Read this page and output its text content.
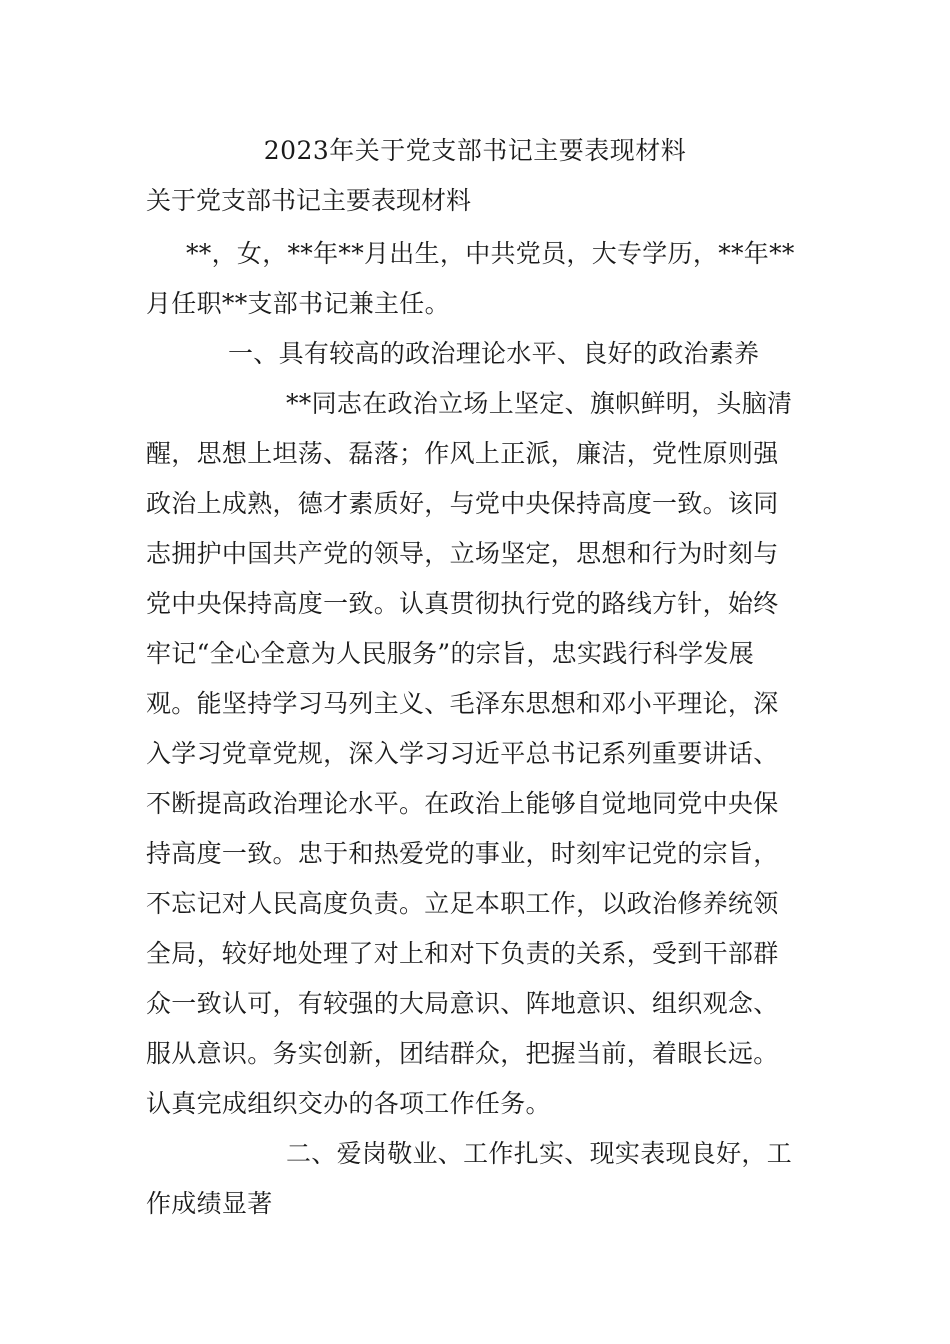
2023年关于党支部书记主要表现材料
关于党支部书记主要表现材料
**，女，**年**月出生，中共党员，大专学历，**年**
月任职**支部书记兼主任。
一、具有较高的政治理论水平、良好的政治素养
**同志在政治立场上坚定、旗帜鲜明，头脑清
醒，思想上坦荡、磊落；作风上正派，廉洁，党性原则强
政治上成熟，德才素质好，与党中央保持高度一致。该同
志拥护中国共产党的领导，立场坚定，思想和行为时刻与
党中央保持高度一致。认真贯彻执行党的路线方针，始终
牢记“全心全意为人民服务”的宗旨，忠实践行科学发展
观。能坚持学习马列主义、毛泽东思想和邓小平理论，深
入学习党章党规，深入学习习近平总书记系列重要讲话、
不断提高政治理论水平。在政治上能够自觉地同党中央保
持高度一致。忠于和热爱党的事业，时刻牢记党的宗旨，
不忘记对人民高度负责。立足本职工作，以政治修养统领
全局，较好地处理了对上和对下负责的关系，受到干部群
众一致认可，有较强的大局意识、阵地意识、组织观念、
服从意识。务实创新，团结群众，把握当前，着眼长远。
认真完成组织交办的各项工作任务。
二、爱岗敬业、工作扎实、现实表现良好，工
作成绩显著
